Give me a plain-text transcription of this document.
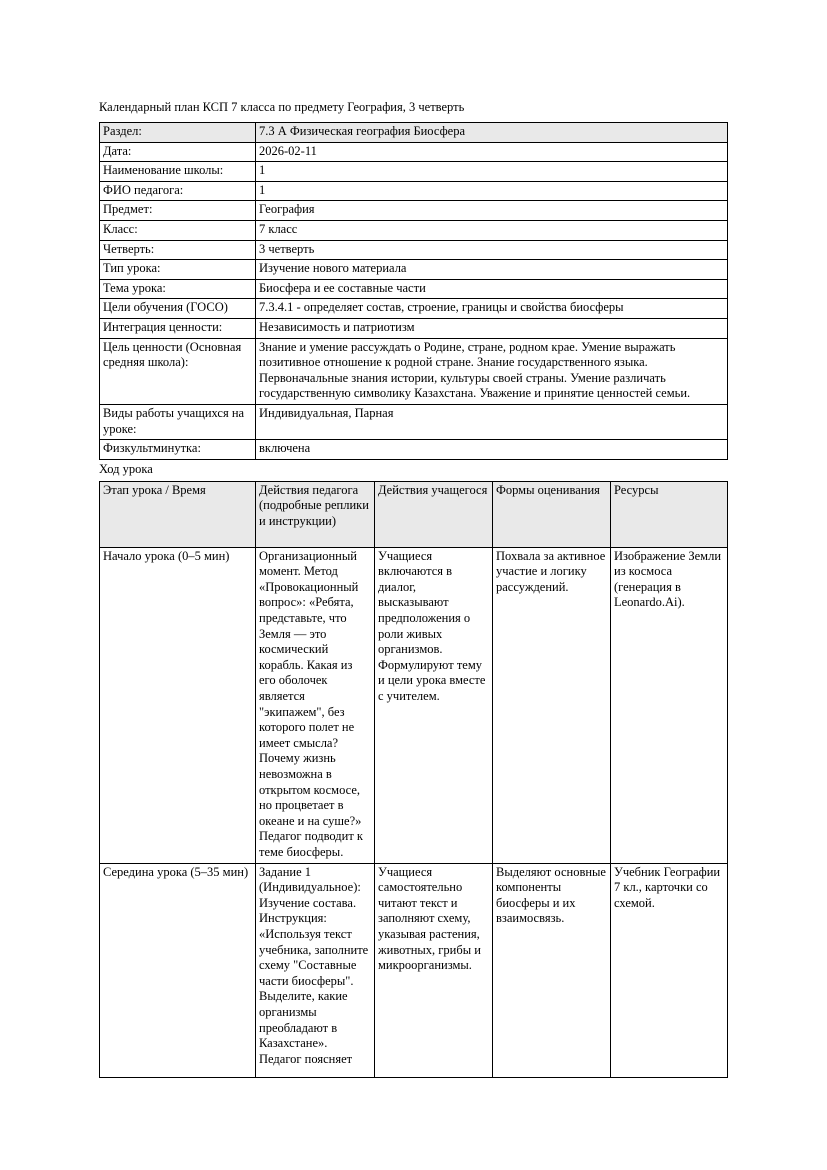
Календарный план КСП 7 класса по предмету География, 3 четверть

Раздел:	7.3 А Физическая география Биосфера
Дата:	2026-02-11
Наименование школы:	1
ФИО педагога:	1
Предмет:	География
Класс:	7 класс
Четверть:	3 четверть
Тип урока:	Изучение нового материала
Тема урока:	Биосфера и ее составные части
Цели обучения (ГОСО)	7.3.4.1 - определяет состав, строение, границы и свойства биосферы
Интеграция ценности:	Независимость и патриотизм
Цель ценности (Основная средняя школа):	Знание и умение рассуждать о Родине, стране, родном крае. Умение выражать позитивное отношение к родной стране. Знание государственного языка. Первоначальные знания истории, культуры своей страны. Умение различать государственную символику Казахстана. Уважение и принятие ценностей семьи.
Виды работы учащихся на уроке:	Индивидуальная, Парная
Физкультминутка:	включена

Ход урока

Этап урока / Время	Действия педагога (подробные реплики и инструкции)	Действия учащегося	Формы оценивания	Ресурсы

Начало урока (0–5 мин)	Организационный момент. Метод «Провокационный вопрос»: «Ребята, представьте, что Земля — это космический корабль. Какая из его оболочек является "экипажем", без которого полет не имеет смысла? Почему жизнь невозможна в открытом космосе, но процветает в океане и на суше?» Педагог подводит к теме биосферы.	Учащиеся включаются в диалог, высказывают предположения о роли живых организмов. Формулируют тему и цели урока вместе с учителем.	Похвала за активное участие и логику рассуждений.	Изображение Земли из космоса (генерация в Leonardo.Ai).

Середина урока (5–35 мин)	Задание 1 (Индивидуальное): Изучение состава. Инструкция: «Используя текст учебника, заполните схему "Составные части биосферы". Выделите, какие организмы преобладают в Казахстане». Педагог поясняет	Учащиеся самостоятельно читают текст и заполняют схему, указывая растения, животных, грибы и микроорганизмы.	Выделяют основные компоненты биосферы и их взаимосвязь.	Учебник Географии 7 кл., карточки со схемой.
